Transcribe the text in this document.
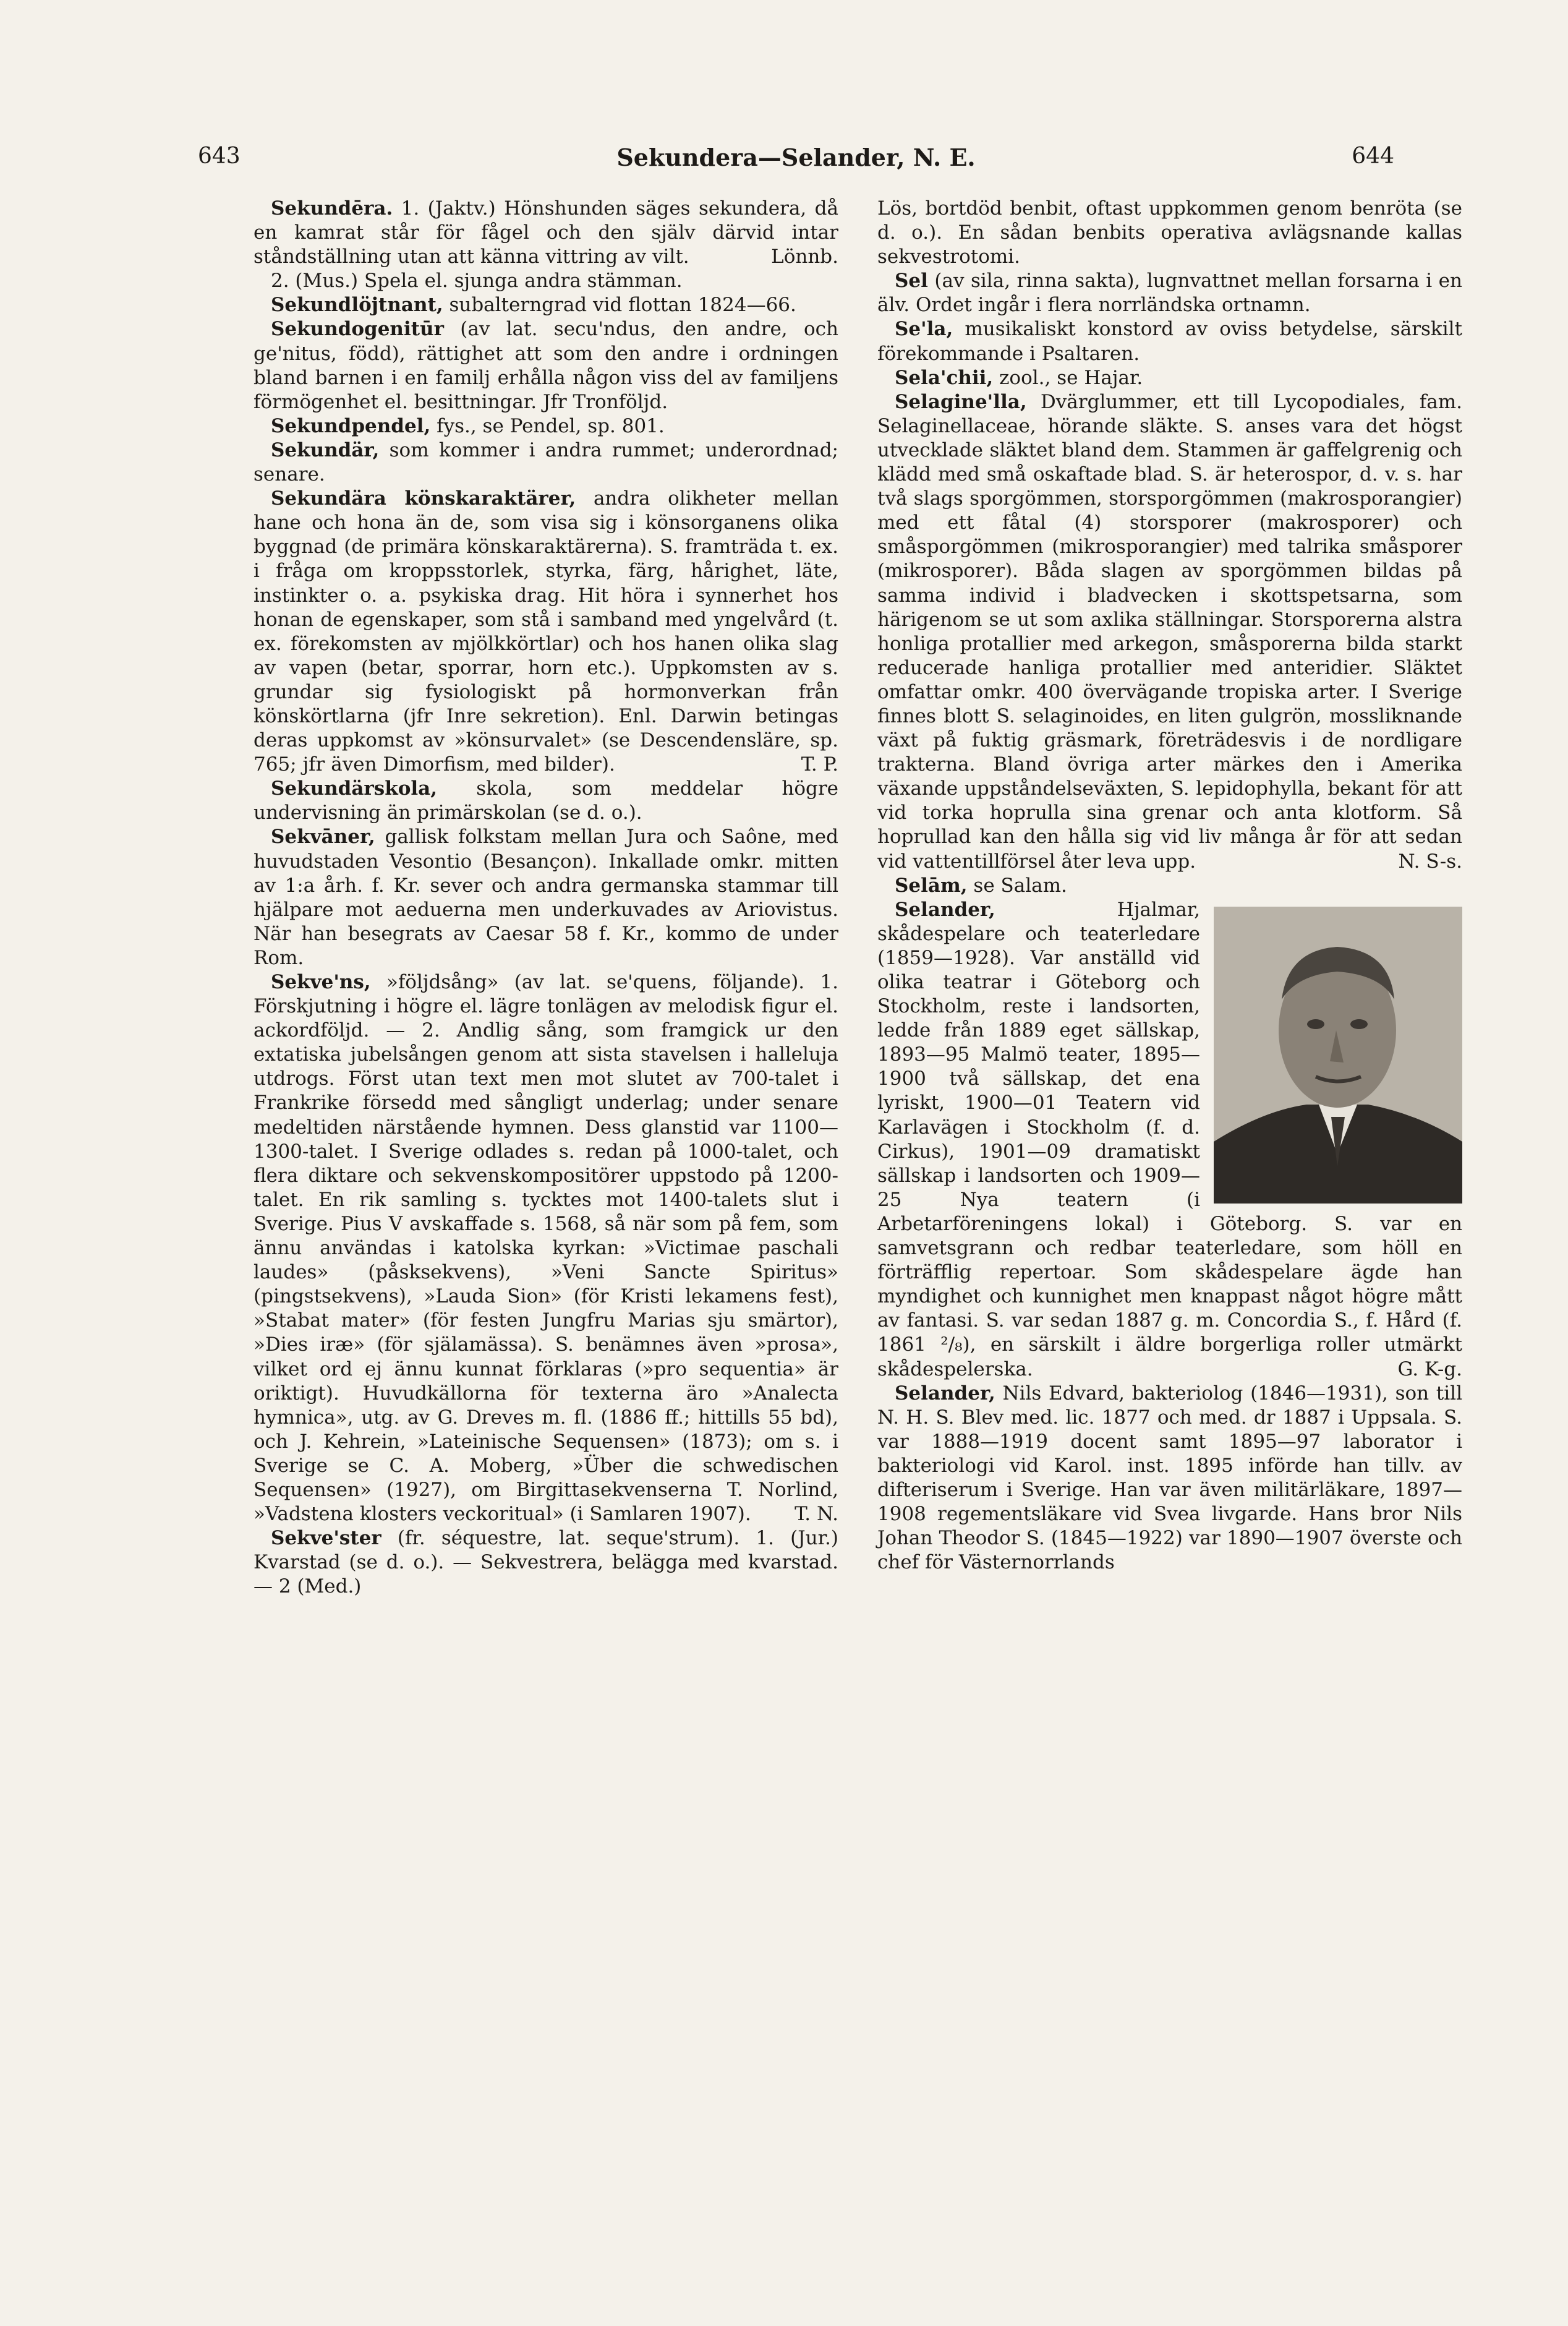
643	Sekundera—Selander, N. E.	644

Sekundēra. 1. (Jaktv.) Hönshunden säges sekundera, då en kamrat står för fågel och den själv därvid intar ståndställning utan att känna vittring av vilt.	Lönnb.

2. (Mus.) Spela el. sjunga andra stämman.

Sekundlöjtnant, subalterngrad vid flottan 1824—66.

Sekundogenitūr (av lat. secu'ndus, den andre, och ge'nitus, född), rättighet att som den andre i ordningen bland barnen i en familj erhålla någon viss del av familjens förmögenhet el. besittningar. Jfr Tronföljd.

Sekundpendel, fys., se Pendel, sp. 801.

Sekundär, som kommer i andra rummet; underordnad; senare.

Sekundära könskaraktärer, andra olikheter mellan hane och hona än de, som visa sig i könsorganens olika byggnad (de primära könskaraktärerna). S. framträda t. ex. i fråga om kroppsstorlek, styrka, färg, hårighet, läte, instinkter o. a. psykiska drag. Hit höra i synnerhet hos honan de egenskaper, som stå i samband med yngelvård (t. ex. förekomsten av mjölkkörtlar) och hos hanen olika slag av vapen (betar, sporrar, horn etc.). Uppkomsten av s. grundar sig fysiologiskt på hormonverkan från könskörtlarna (jfr Inre sekretion). Enl. Darwin betingas deras uppkomst av »könsurvalet» (se Descendensläre, sp. 765; jfr även Dimorfism, med bilder).	T. P.

Sekundärskola, skola, som meddelar högre undervisning än primärskolan (se d. o.).

Sekvāner, gallisk folkstam mellan Jura och Saône, med huvudstaden Vesontio (Besançon). Inkallade omkr. mitten av 1:a årh. f. Kr. sever och andra germanska stammar till hjälpare mot aeduerna men underkuvades av Ariovistus. När han besegrats av Caesar 58 f. Kr., kommo de under Rom.

Sekve'ns, »följdsång» (av lat. se'quens, följande). 1. Förskjutning i högre el. lägre tonlägen av melodisk figur el. ackordföljd. — 2. Andlig sång, som framgick ur den extatiska jubelsången genom att sista stavelsen i halleluja utdrogs. Först utan text men mot slutet av 700-talet i Frankrike försedd med sångligt underlag; under senare medeltiden närstående hymnen. Dess glanstid var 1100—1300-talet. I Sverige odlades s. redan på 1000-talet, och flera diktare och sekvenskompositörer uppstodo på 1200-talet. En rik samling s. tycktes mot 1400-talets slut i Sverige. Pius V avskaffade s. 1568, så när som på fem, som ännu användas i katolska kyrkan: »Victimae paschali laudes» (påsksekvens), »Veni Sancte Spiritus» (pingstsekvens), »Lauda Sion» (för Kristi lekamens fest), »Stabat mater» (för festen Jungfru Marias sju smärtor), »Dies iræ» (för själamässa). S. benämnes även »prosa», vilket ord ej ännu kunnat förklaras (»pro sequentia» är oriktigt). Huvudkällorna för texterna äro »Analecta hymnica», utg. av G. Dreves m. fl. (1886 ff.; hittills 55 bd), och J. Kehrein, »Lateinische Sequensen» (1873); om s. i Sverige se C. A. Moberg, »Über die schwedischen Sequensen» (1927), om Birgittasekvenserna T. Norlind, »Vadstena klosters veckoritual» (i Samlaren 1907).	T. N.

Sekve'ster (fr. séquestre, lat. seque'strum). 1. (Jur.) Kvarstad (se d. o.). — Sekvestrera, belägga med kvarstad. — 2 (Med.)

Lös, bortdöd benbit, oftast uppkommen genom benröta (se d. o.). En sådan benbits operativa avlägsnande kallas sekvestrotomi.

Sel (av sila, rinna sakta), lugnvattnet mellan forsarna i en älv. Ordet ingår i flera norrländska ortnamn.

Se'la, musikaliskt konstord av oviss betydelse, särskilt förekommande i Psaltaren.

Sela'chii, zool., se Hajar.

Selagine'lla, Dvärglummer, ett till Lycopodiales, fam. Selaginellaceae, hörande släkte. S. anses vara det högst utvecklade släktet bland dem. Stammen är gaffelgrenig och klädd med små oskaftade blad. S. är heterospor, d. v. s. har två slags sporgömmen, storsporgömmen (makrosporangier) med ett fåtal (4) storsporer (makrosporer) och småsporgömmen (mikrosporangier) med talrika småsporer (mikrosporer). Båda slagen av sporgömmen bildas på samma individ i bladvecken i skottspetsarna, som härigenom se ut som axlika ställningar. Storsporerna alstra honliga protallier med arkegon, småsporerna bilda starkt reducerade hanliga protallier med anteridier. Släktet omfattar omkr. 400 övervägande tropiska arter. I Sverige finnes blott S. selaginoides, en liten gulgrön, mossliknande växt på fuktig gräsmark, företrädesvis i de nordligare trakterna. Bland övriga arter märkes den i Amerika växande uppståndelseväxten, S. lepidophylla, bekant för att vid torka hoprulla sina grenar och anta klotform. Så hoprullad kan den hålla sig vid liv många år för att sedan vid vattentillförsel åter leva upp.	N. S-s.

Selām, se Salam.

Selander,
Hjalmar, skådespelare och teaterledare (1859—1928). Var anställd vid olika teatrar i Göteborg och Stockholm, reste i landsorten, ledde från 1889 eget sällskap, 1893—95 Malmö teater, 1895—1900 två sällskap, det ena lyriskt, 1900—01 Teatern vid Karlavägen i Stockholm (f. d. Cirkus), 1901—09 dramatiskt sällskap i landsorten och 1909—25 Nya teatern (i Arbetarföreningens lokal) i Göteborg. S. var en samvetsgrann och redbar teaterledare, som höll en förträfflig repertoar. Som skådespelare ägde han myndighet och kunnighet men knappast något högre mått av fantasi. S. var sedan 1887 g. m. Concordia S., f. Hård (f. 1861 ²/₈), en särskilt i äldre borgerliga roller utmärkt skådespelerska.	G. K-g.

Selander, Nils Edvard, bakteriolog (1846—1931), son till N. H. S. Blev med. lic. 1877 och med. dr 1887 i Uppsala. S. var 1888—1919 docent samt 1895—97 laborator i bakteriologi vid Karol. inst. 1895 införde han tillv. av difteriserum i Sverige. Han var även militärläkare, 1897—1908 regementsläkare vid Svea livgarde. Hans bror Nils Johan Theodor S. (1845—1922) var 1890—1907 överste och chef för Västernorrlands
